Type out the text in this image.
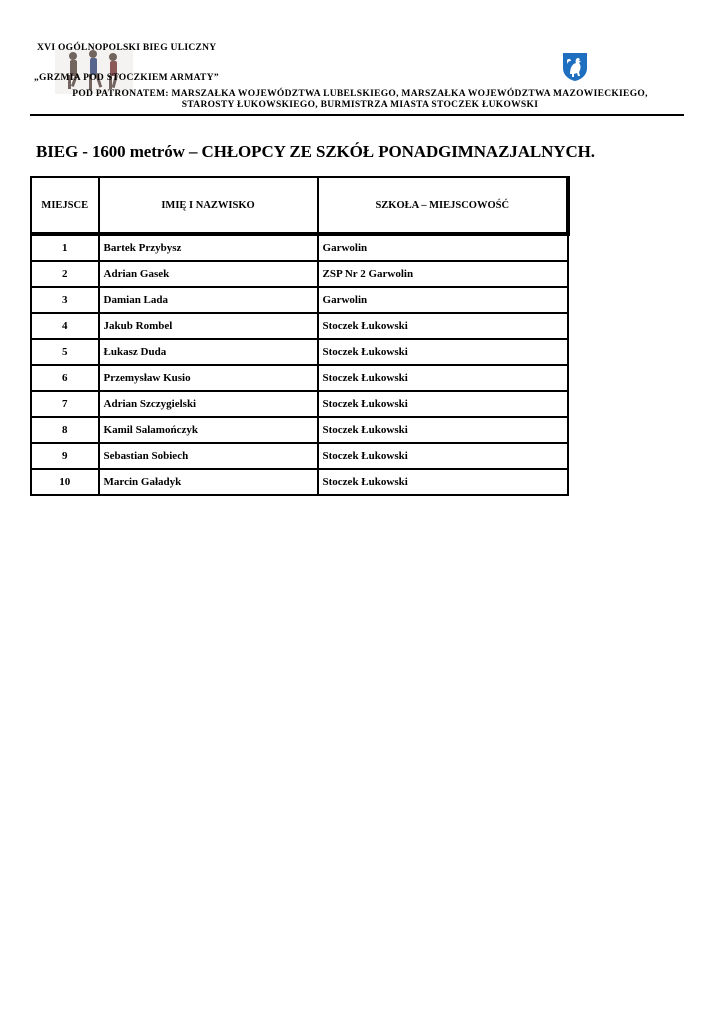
XVI OGÓLNOPOLSKI BIEG ULICZNY
„GRZMIA POD STOCZKIEM ARMATY”
POD PATRONATEM: MARSZAŁKA WOJEWÓDZTWA LUBELSKIEGO, MARSZAŁKA WOJEWÓDZTWA MAZOWIECKIEGO,
STAROSTY ŁUKOWSKIEGO, BURMISTRZA MIASTA STOCZEK ŁUKOWSKI
BIEG - 1600 metrów – CHŁOPCY ZE SZKÓŁ PONADGIMNAZJALNYCH.
MIEJSCE	IMIĘ I NAZWISKO	SZKOŁA – MIEJSCOWOŚĆ
1	Bartek Przybysz	Garwolin
2	Adrian Gasek	ZSP Nr 2 Garwolin
3	Damian Lada	Garwolin
4	Jakub Rombel	Stoczek Łukowski
5	Łukasz Duda	Stoczek Łukowski
6	Przemysław Kusio	Stoczek Łukowski
7	Adrian Szczygielski	Stoczek Łukowski
8	Kamil Salamończyk	Stoczek Łukowski
9	Sebastian Sobiech	Stoczek Łukowski
10	Marcin Gaładyk	Stoczek Łukowski
